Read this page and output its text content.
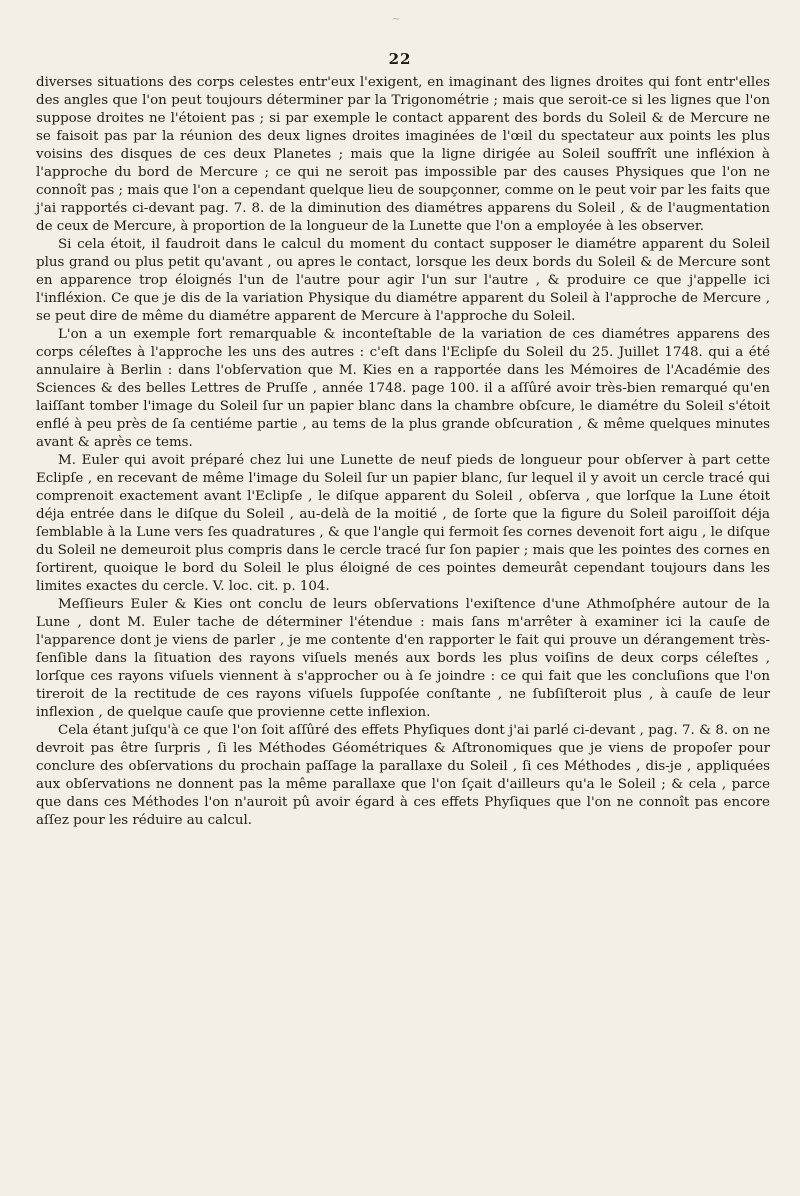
~
22

diverses situations des corps celestes entr'eux l'exigent, en imaginant des lignes droites qui font entr'elles des angles que l'on peut toujours déterminer par la Trigonométrie ; mais que seroit-ce si les lignes que l'on suppose droites ne l'étoient pas ; si par exemple le contact apparent des bords du Soleil & de Mercure ne se faisoit pas par la réunion des deux lignes droites imaginées de l'œil du spectateur aux points les plus voisins des disques de ces deux Planetes ; mais que la ligne dirigée au Soleil souffrît une infléxion à l'approche du bord de Mercure ; ce qui ne seroit pas impossible par des causes Physiques que l'on ne connoît pas ; mais que l'on a cependant quelque lieu de soupçonner, comme on le peut voir par les faits que j'ai rapportés ci-devant pag. 7. 8. de la diminution des diamétres apparens du Soleil , & de l'augmentation de ceux de Mercure, à proportion de la longueur de la Lunette que l'on a employée à les observer.

Si cela étoit, il faudroit dans le calcul du moment du contact supposer le diamétre apparent du Soleil plus grand ou plus petit qu'avant , ou apres le contact, lorsque les deux bords du Soleil & de Mercure sont en apparence trop éloignés l'un de l'autre pour agir l'un sur l'autre , & produire ce que j'appelle ici l'infléxion. Ce que je dis de la variation Physique du diamétre apparent du Soleil à l'approche de Mercure , se peut dire de même du diamétre apparent de Mercure à l'approche du Soleil.

L'on a un exemple fort remarquable & inconteſtable de la variation de ces diamétres apparens des corps céleſtes à l'approche les uns des autres : c'eſt dans l'Eclipſe du Soleil du 25. Juillet 1748. qui a été annulaire à Berlin : dans l'obſervation que M. Kies en a rapportée dans les Mémoires de l'Académie des Sciences & des belles Lettres de Pruſſe , année 1748. page 100. il a aſſûré avoir très-bien remarqué qu'en laiſſant tomber l'image du Soleil ſur un papier blanc dans la chambre obſcure, le diamétre du Soleil s'étoit enflé à peu près de ſa centiéme partie , au tems de la plus grande obſcuration , & même quelques minutes avant & après ce tems.

M. Euler qui avoit préparé chez lui une Lunette de neuf pieds de longueur pour obſerver à part cette Eclipſe , en recevant de même l'image du Soleil ſur un papier blanc, ſur lequel il y avoit un cercle tracé qui comprenoit exactement avant l'Eclipſe , le diſque apparent du Soleil , obſerva , que lorſque la Lune étoit déja entrée dans le diſque du Soleil , au-delà de la moitié , de ſorte que la figure du Soleil paroiſſoit déja ſemblable à la Lune vers ſes quadratures , & que l'angle qui fermoit ſes cornes devenoit fort aigu , le diſque du Soleil ne demeuroit plus compris dans le cercle tracé ſur ſon papier ; mais que les pointes des cornes en ſortirent, quoique le bord du Soleil le plus éloigné de ces pointes demeurât cependant toujours dans les limites exactes du cercle. V. loc. cit. p. 104.

Meſſieurs Euler & Kies ont conclu de leurs obſervations l'exiſtence d'une Athmoſphére autour de la Lune , dont M. Euler tache de déterminer l'étendue : mais ſans m'arrêter à examiner ici la cauſe de l'apparence dont je viens de parler , je me contente d'en rapporter le fait qui prouve un dérangement très-ſenſible dans la ſituation des rayons viſuels menés aux bords les plus voiſins de deux corps céleſtes , lorſque ces rayons viſuels viennent à s'approcher ou à ſe joindre : ce qui fait que les concluſions que l'on tireroit de la rectitude de ces rayons viſuels ſuppoſée conſtante , ne ſubſiſteroit plus , à cauſe de leur inflexion , de quelque cauſe que provienne cette inflexion.

Cela étant juſqu'à ce que l'on ſoit aſſûré des effets Phyſiques dont j'ai parlé ci-devant , pag. 7. & 8. on ne devroit pas être ſurpris , ſi les Méthodes Géométriques & Aſtronomiques que je viens de propoſer pour conclure des obſervations du prochain paſſage la parallaxe du Soleil , ſi ces Méthodes , dis-je , appliquées aux obſervations ne donnent pas la même parallaxe que l'on ſçait d'ailleurs qu'a le Soleil ; & cela , parce que dans ces Méthodes l'on n'auroit pû avoir égard à ces effets Phyſiques que l'on ne connoît pas encore aſſez pour les réduire au calcul.
